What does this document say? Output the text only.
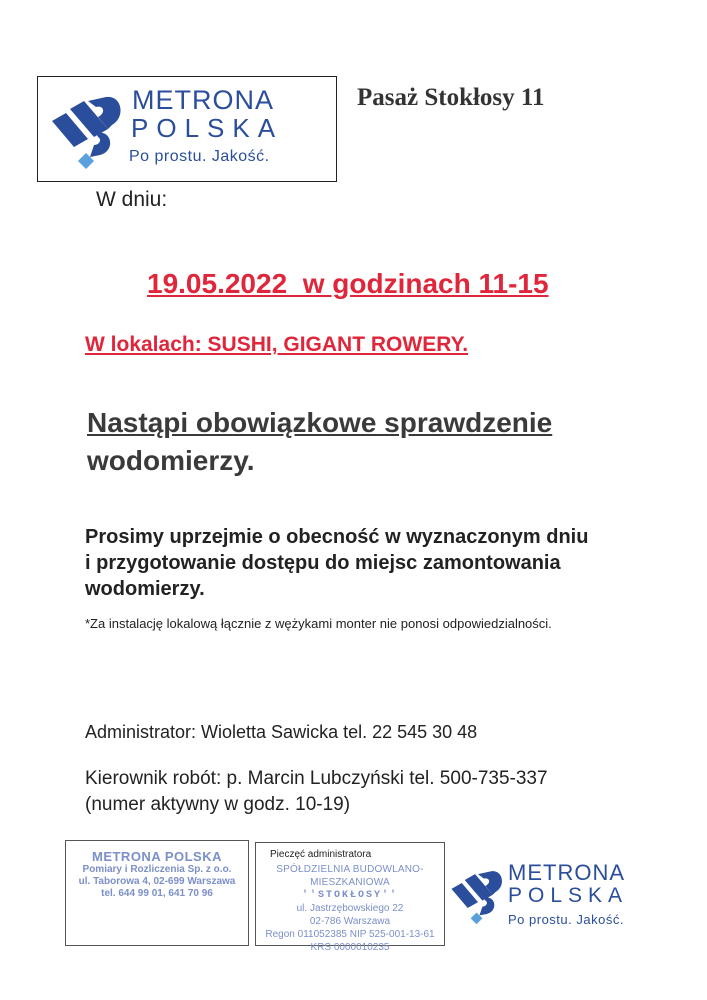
METRONA
POLSKA
Po prostu. Jakość.
Pasaż Stokłosy 11
W dniu:
19.05.2022  w godzinach 11-15
W lokalach: SUSHI, GIGANT ROWERY.
Nastąpi obowiązkowe sprawdzenie
wodomierzy.
Prosimy uprzejmie o obecność w wyznaczonym dniu
i przygotowanie dostępu do miejsc zamontowania
wodomierzy.
*Za instalację lokalową łącznie z wężykami monter nie ponosi odpowiedzialności.
Administrator: Wioletta Sawicka tel. 22 545 30 48
Kierownik robót: p. Marcin Lubczyński tel. 500-735-337
(numer aktywny w godz. 10-19)
METRONA POLSKA
Pomiary i Rozliczenia Sp. z o.o.
ul. Taborowa 4, 02-699 Warszawa
tel. 644 99 01, 641 70 96
Pieczęć administratora
SPÓŁDZIELNIA BUDOWLANO-MIESZKANIOWA
''STOKŁOSY''
ul. Jastrzębowskiego 22
02-786 Warszawa
Regon 011052385 NIP 525-001-13-61
KRS 0000010235
METRONA
POLSKA
Po prostu. Jakość.
